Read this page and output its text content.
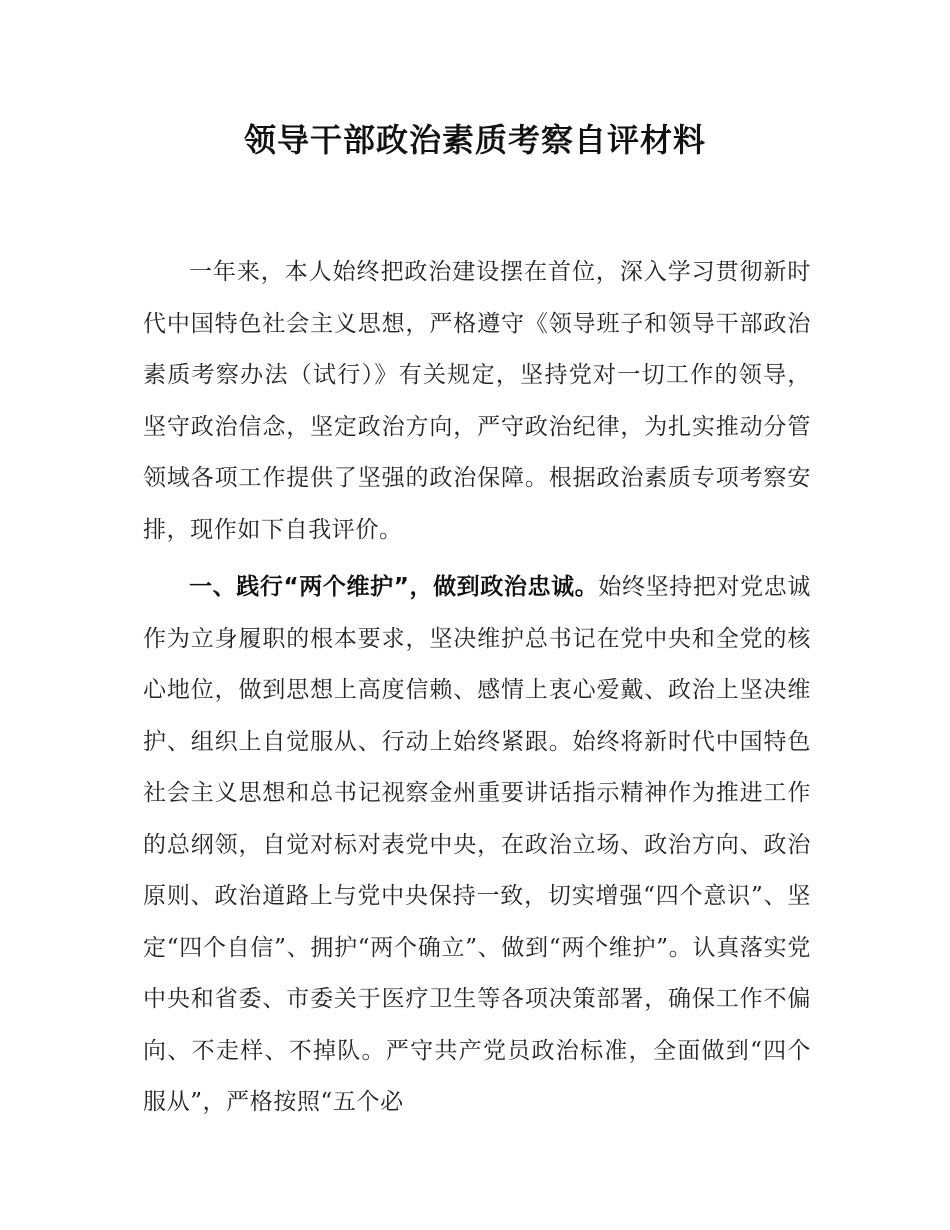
领导干部政治素质考察自评材料

一年来，本人始终把政治建设摆在首位，深入学习贯彻新时代中国特色社会主义思想，严格遵守《领导班子和领导干部政治素质考察办法（试行）》有关规定，坚持党对一切工作的领导，坚守政治信念，坚定政治方向，严守政治纪律，为扎实推动分管领域各项工作提供了坚强的政治保障。根据政治素质专项考察安排，现作如下自我评价。

一、践行“两个维护”，做到政治忠诚。始终坚持把对党忠诚作为立身履职的根本要求，坚决维护总书记在党中央和全党的核心地位，做到思想上高度信赖、感情上衷心爱戴、政治上坚决维护、组织上自觉服从、行动上始终紧跟。始终将新时代中国特色社会主义思想和总书记视察金州重要讲话指示精神作为推进工作的总纲领，自觉对标对表党中央，在政治立场、政治方向、政治原则、政治道路上与党中央保持一致，切实增强“四个意识”、坚定“四个自信”、拥护“两个确立”、做到“两个维护”。认真落实党中央和省委、市委关于医疗卫生等各项决策部署，确保工作不偏向、不走样、不掉队。严守共产党员政治标准，全面做到“四个服从”，严格按照“五个必
